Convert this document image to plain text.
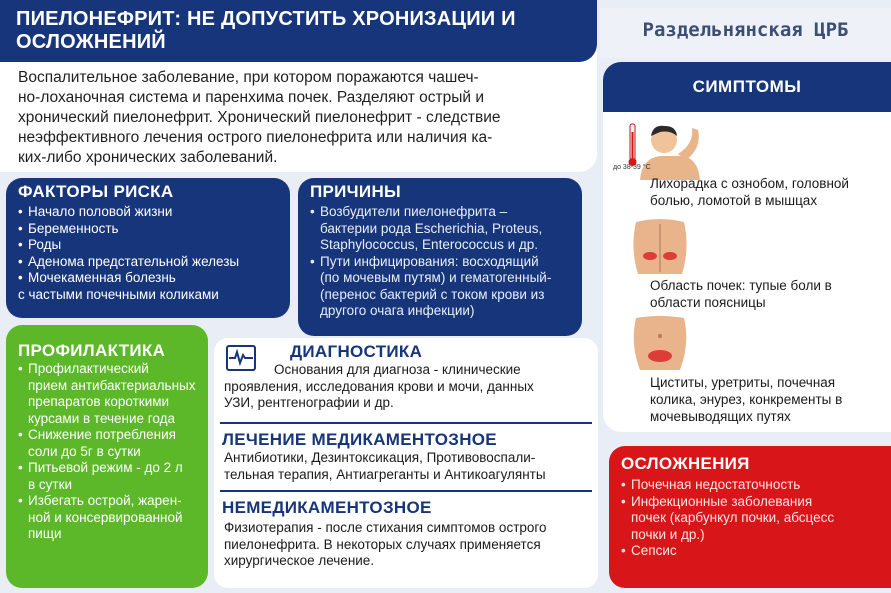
ПИЕЛОНЕФРИТ: НЕ ДОПУСТИТЬ ХРОНИЗАЦИИ И
ОСЛОЖНЕНИЙ
Воспалительное заболевание, при котором поражаются чашеч-
но-лоханочная система и паренхима почек. Разделяют острый и
хронический пиелонефрит. Хронический пиелонефрит - следствие
неэффективного лечения острого пиелонефрита или наличия ка-
ких-либо хронических заболеваний.
Раздельнянская ЦРБ
ФАКТОРЫ РИСКА
• Начало половой жизни
• Беременность
• Роды
• Аденома предстательной железы
• Мочекаменная болезнь
с частыми почечными коликами
ПРИЧИНЫ
• Возбудители пиелонефрита –
бактерии рода Escherichia, Proteus,
Staphylococcus, Enterococcus и др.
• Пути инфицирования: восходящий
(по мочевым путям) и гематогенный-
(перенос бактерий с током крови из
другого очага инфекции)
ПРОФИЛАКТИКА
• Профилактический
прием антибактериальных
препаратов короткими
курсами в течение года
• Снижение потребления
соли до 5г в сутки
• Питьевой режим - до 2 л
в сутки
• Избегать острой, жарен-
ной и консервированной
пищи
ДИАГНОСТИКА
Основания для диагноза - клинические
проявления, исследования крови и мочи, данных
УЗИ, рентгенографии и др.
ЛЕЧЕНИЕ МЕДИКАМЕНТОЗНОЕ
Антибиотики, Дезинтоксикация, Противовоспали-
тельная терапия, Антиагреганты и Антикоагулянты
НЕМЕДИКАМЕНТОЗНОЕ
Физиотерапия - после стихания симптомов острого
пиелонефрита. В некоторых случаях применяется
хирургическое лечение.
СИМПТОМЫ
до 38-39 °С
Лихорадка с ознобом, головной
болью, ломотой в мышцах
Область почек: тупые боли в
области поясницы
Циститы, уретриты, почечная
колика, энурез, конкременты в
мочевыводящих путях
ОСЛОЖНЕНИЯ
• Почечная недостаточность
• Инфекционные заболевания
почек (карбункул почки, абсцесс
почки и др.)
• Сепсис
